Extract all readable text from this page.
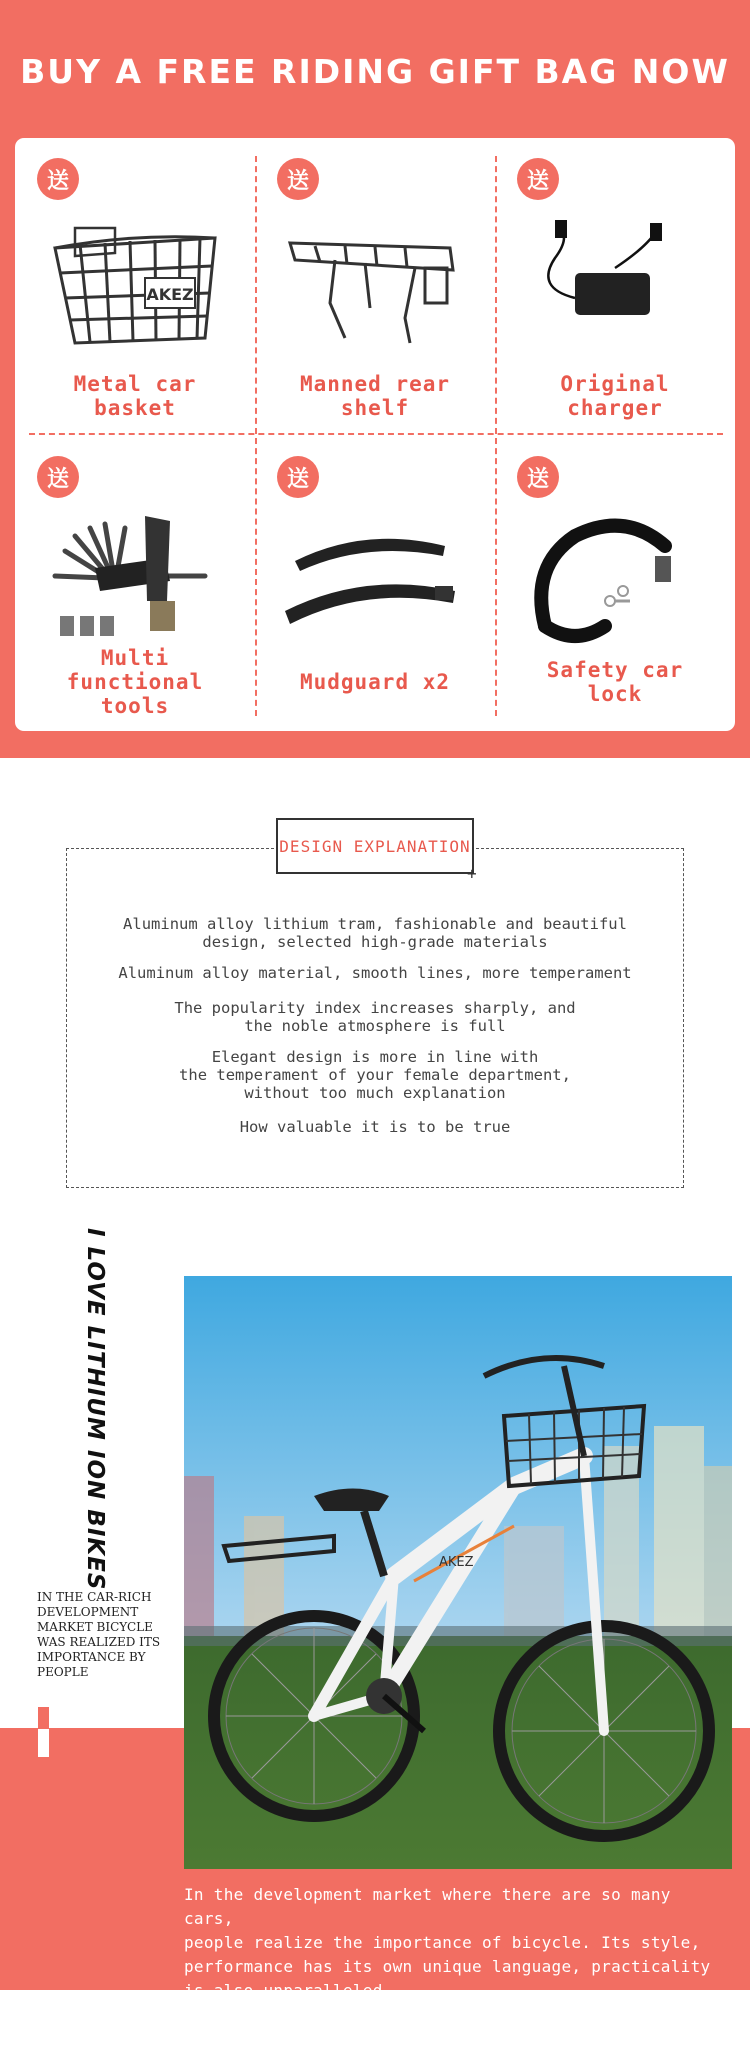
BUY A FREE RIDING GIFT BAG NOW
送
AKEZ
Metal car
basket
送
Manned rear
shelf
送
Original
charger
送
Multi
functional
tools
送
Mudguard x2
送
Safety car
lock
DESIGN EXPLANATION
+
Aluminum alloy lithium tram, fashionable and beautiful
design, selected high-grade materials
Aluminum alloy material, smooth lines, more temperament
The popularity index increases sharply, and
the noble atmosphere is full
Elegant design is more in line with
the temperament of your female department,
without too much explanation
How valuable it is to be true
I LOVE LITHIUM ION BIKES
IN THE CAR-RICH DEVELOPMENT MARKET BICYCLE WAS REALIZED ITS IMPORTANCE BY PEOPLE
AKEZ
In the development market where there are so many cars,
people realize the importance of bicycle. Its style,
performance has its own unique language, practicality
is also unparalleled.
